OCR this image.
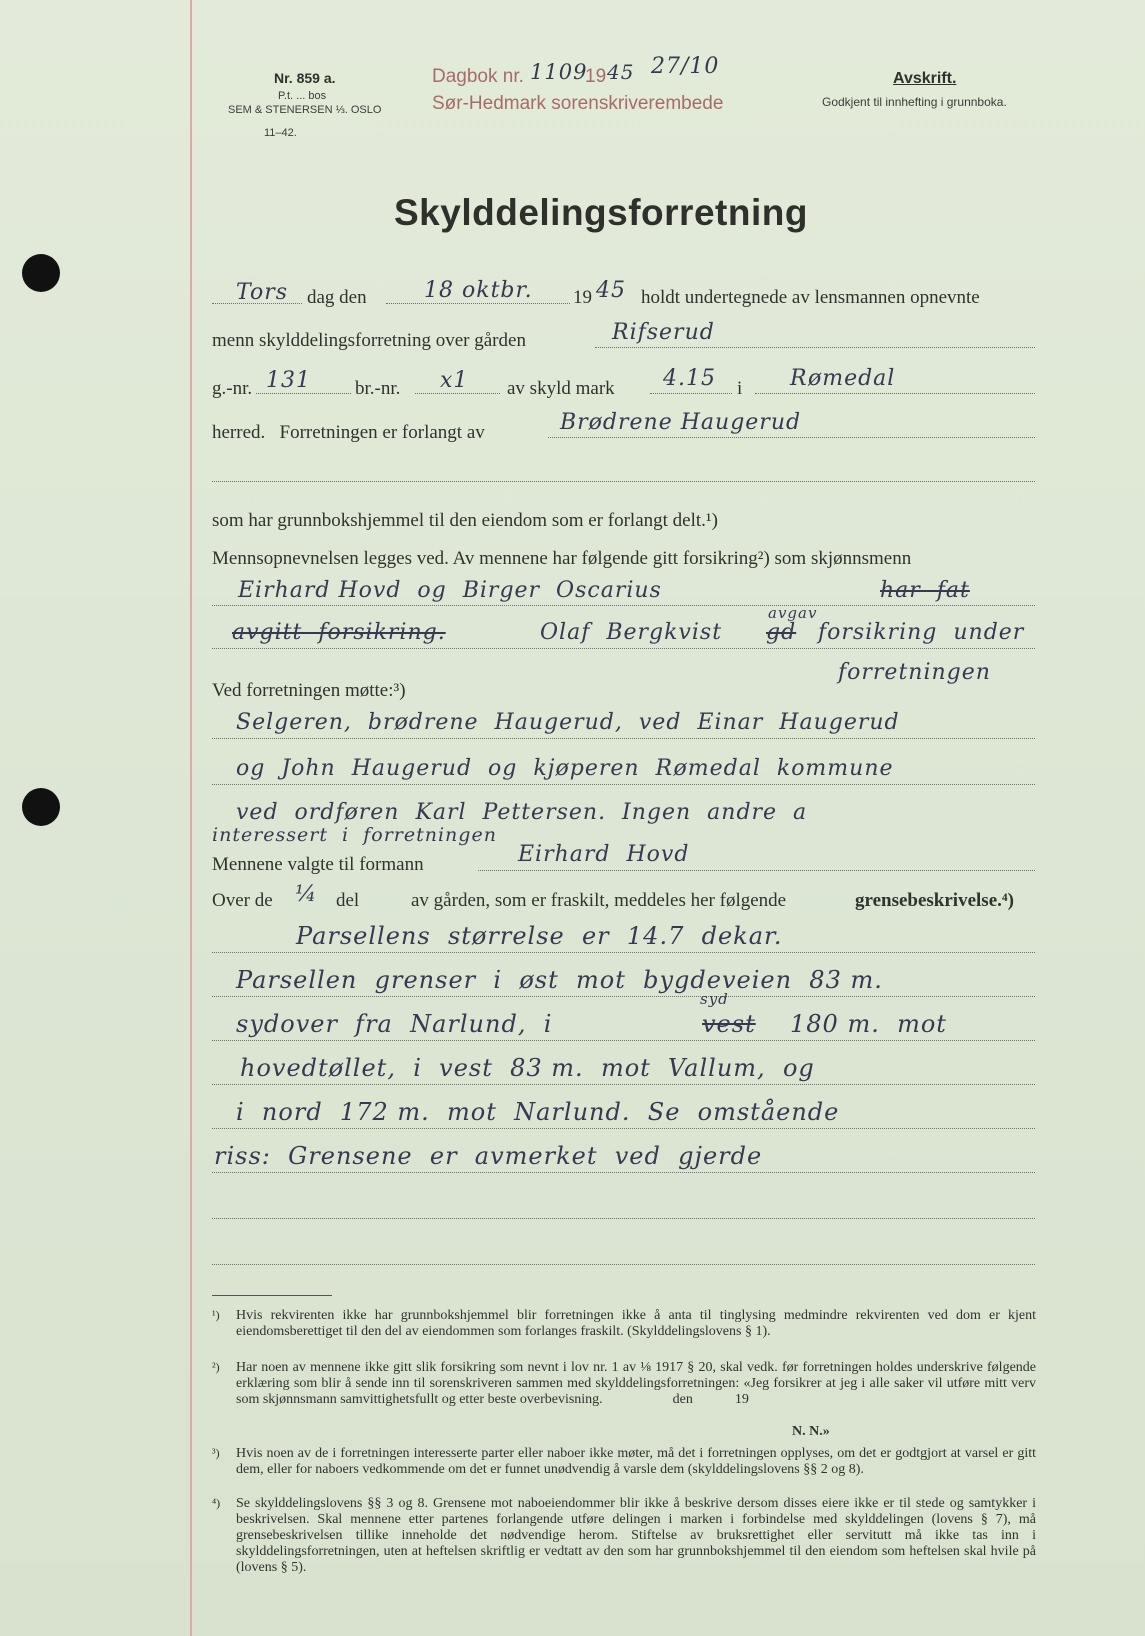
Nr. 859 a.
P.t. ... bos
SEM & STENERSEN ⅓. OSLO
11–42.
Dagbok nr. 1109
19 45 27/10
Sør-Hedmark sorenskriverembede
Avskrift.
Godkjent til innhefting i grunnboka.
Skylddelingsforretning
Tors dag den	18 oktbr. 19 45 holdt undertegnede av lensmannen opnevnte
menn skylddelingsforretning over gården	Rifserud
g.-nr. 131 br.-nr. x1 av skyld mark 4.15 i Rømedal
herred.   Forretningen er forlangt av	Brødrene Haugerud
som har grunnbokshjemmel til den eiendom som er forlangt delt.¹)
Mennsopnevnelsen legges ved. Av mennene har følgende gitt forsikring²) som skjønnsmenn
Eirhard Hovd  og  Birger  Oscarius	har  fat
avgitt  forsikring.	Olaf  Bergkvist
avgav
gd forsikring  under
forretningen
Ved forretningen møtte:³)
Selgeren,  brødrene  Haugerud,  ved  Einar  Haugerud
og  John  Haugerud  og  kjøperen  Rømedal  kommune
ved  ordføren  Karl  Pettersen.  Ingen  andre  a
interessert  i  forretningen
Mennene valgte til formann	Eirhard  Hovd
Over de ¼ del	av gården, som er fraskilt, meddeles her følgende	grensebeskrivelse.⁴)
Parsellens  størrelse  er  14.7  dekar.
Parsellen  grenser  i  øst  mot  bygdeveien  83 m.
sydover  fra  Narlund,  i
syd
vest 180 m.  mot
hovedtøllet,  i  vest  83 m.  mot  Vallum,  og
i  nord  172 m.  mot  Narlund.  Se  omstående
riss:  Grensene  er  avmerket  ved  gjerde
¹) Hvis rekvirenten ikke har grunnbokshjemmel blir forretningen ikke å anta til tinglysing medmindre rekvirenten ved dom er kjent eiendomsberettiget til den del av eiendommen som forlanges fraskilt. (Skylddelingslovens § 1).
²) Har noen av mennene ikke gitt slik forsikring som nevnt i lov nr. 1 av ⅛ 1917 § 20, skal vedk. før forretningen holdes underskrive følgende erklæring som blir å sende inn til sorenskriveren sammen med skylddelingsforretningen: «Jeg forsikrer at jeg i alle saker vil utføre mitt verv som skjønnsmann samvittighetsfullt og etter beste overbevisning.                    den            19
N. N.»
³) Hvis noen av de i forretningen interesserte parter eller naboer ikke møter, må det i forretningen opplyses, om det er godtgjort at varsel er gitt dem, eller for naboers vedkommende om det er funnet unødvendig å varsle dem (skylddelingslovens §§ 2 og 8).
⁴) Se skylddelingslovens §§ 3 og 8. Grensene mot naboeiendommer blir ikke å beskrive dersom disses eiere ikke er til stede og samtykker i beskrivelsen. Skal mennene etter partenes forlangende utføre delingen i marken i forbindelse med skylddelingen (lovens § 7), må grensebeskrivelsen tillike inneholde det nødvendige herom. Stiftelse av bruksrettighet eller servitutt må ikke tas inn i skylddelingsforretningen, uten at heftelsen skriftlig er vedtatt av den som har grunnbokshjemmel til den eiendom som heftelsen skal hvile på (lovens § 5).
